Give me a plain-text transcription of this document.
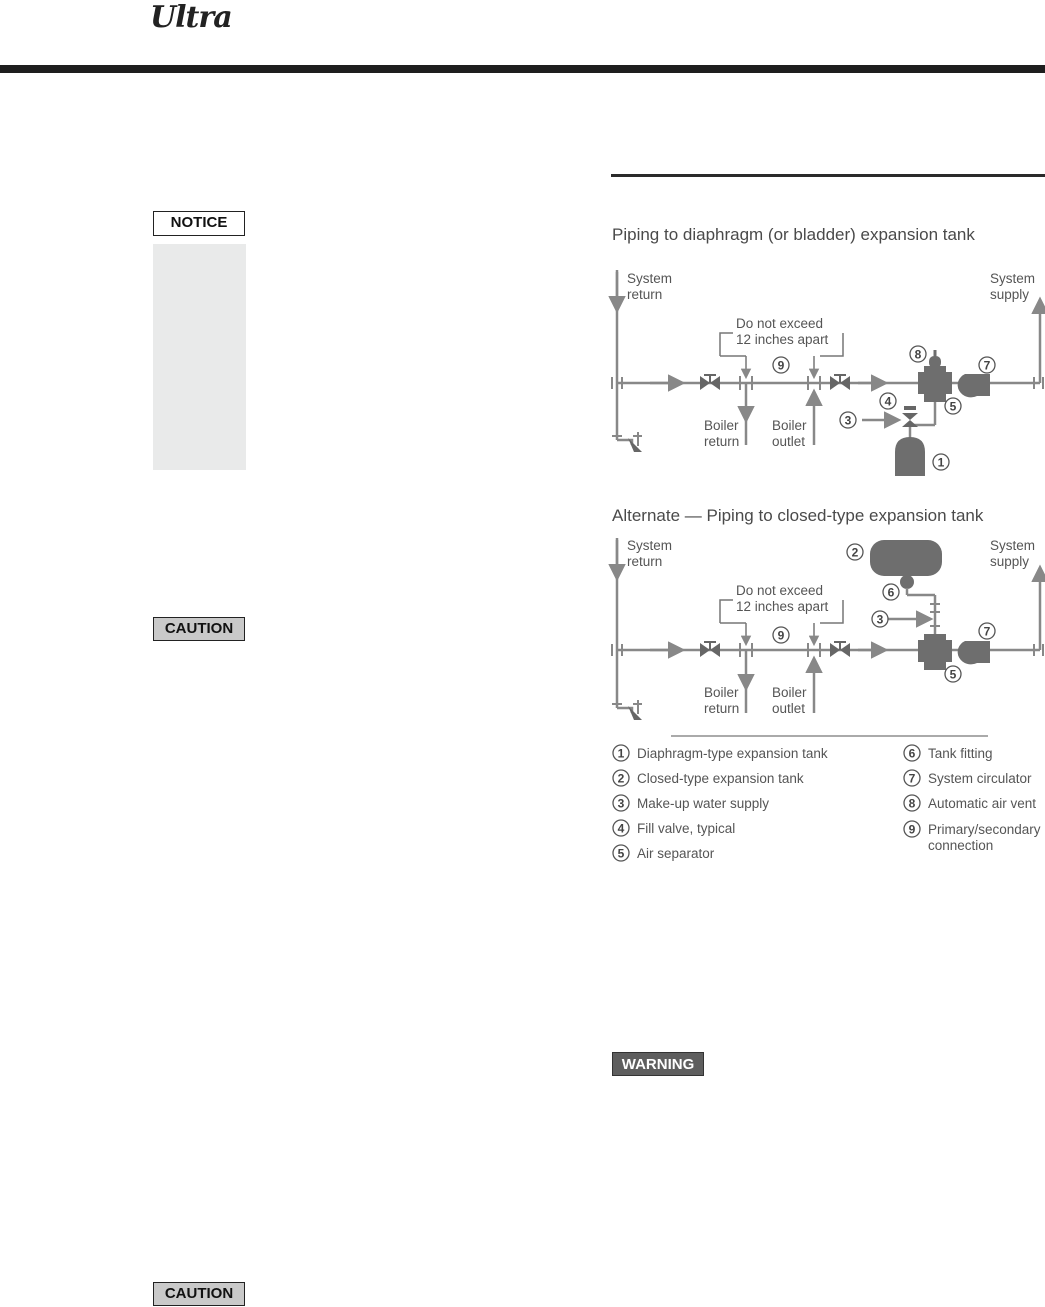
Ultra
NOTICE
CAUTION
CAUTION
WARNING
Piping to diaphragm (or bladder) expansion tank
Alternate — Piping to closed-type expansion tank
System
return
System
supply
Do not exceed
12 inches apart
Boiler
return
Boiler
outlet
9
8
7
4	5
3
1
System
return
System
supply
Do not exceed
12 inches apart
Boiler
return
Boiler
outlet
2
6
3
9	7
5
1 Diaphragm-type expansion tank
2 Closed-type expansion tank
3 Make-up water supply
4 Fill valve, typical
5 Air separator
6 Tank fitting
7 System circulator
8 Automatic air vent
9 Primary/secondary
connection
